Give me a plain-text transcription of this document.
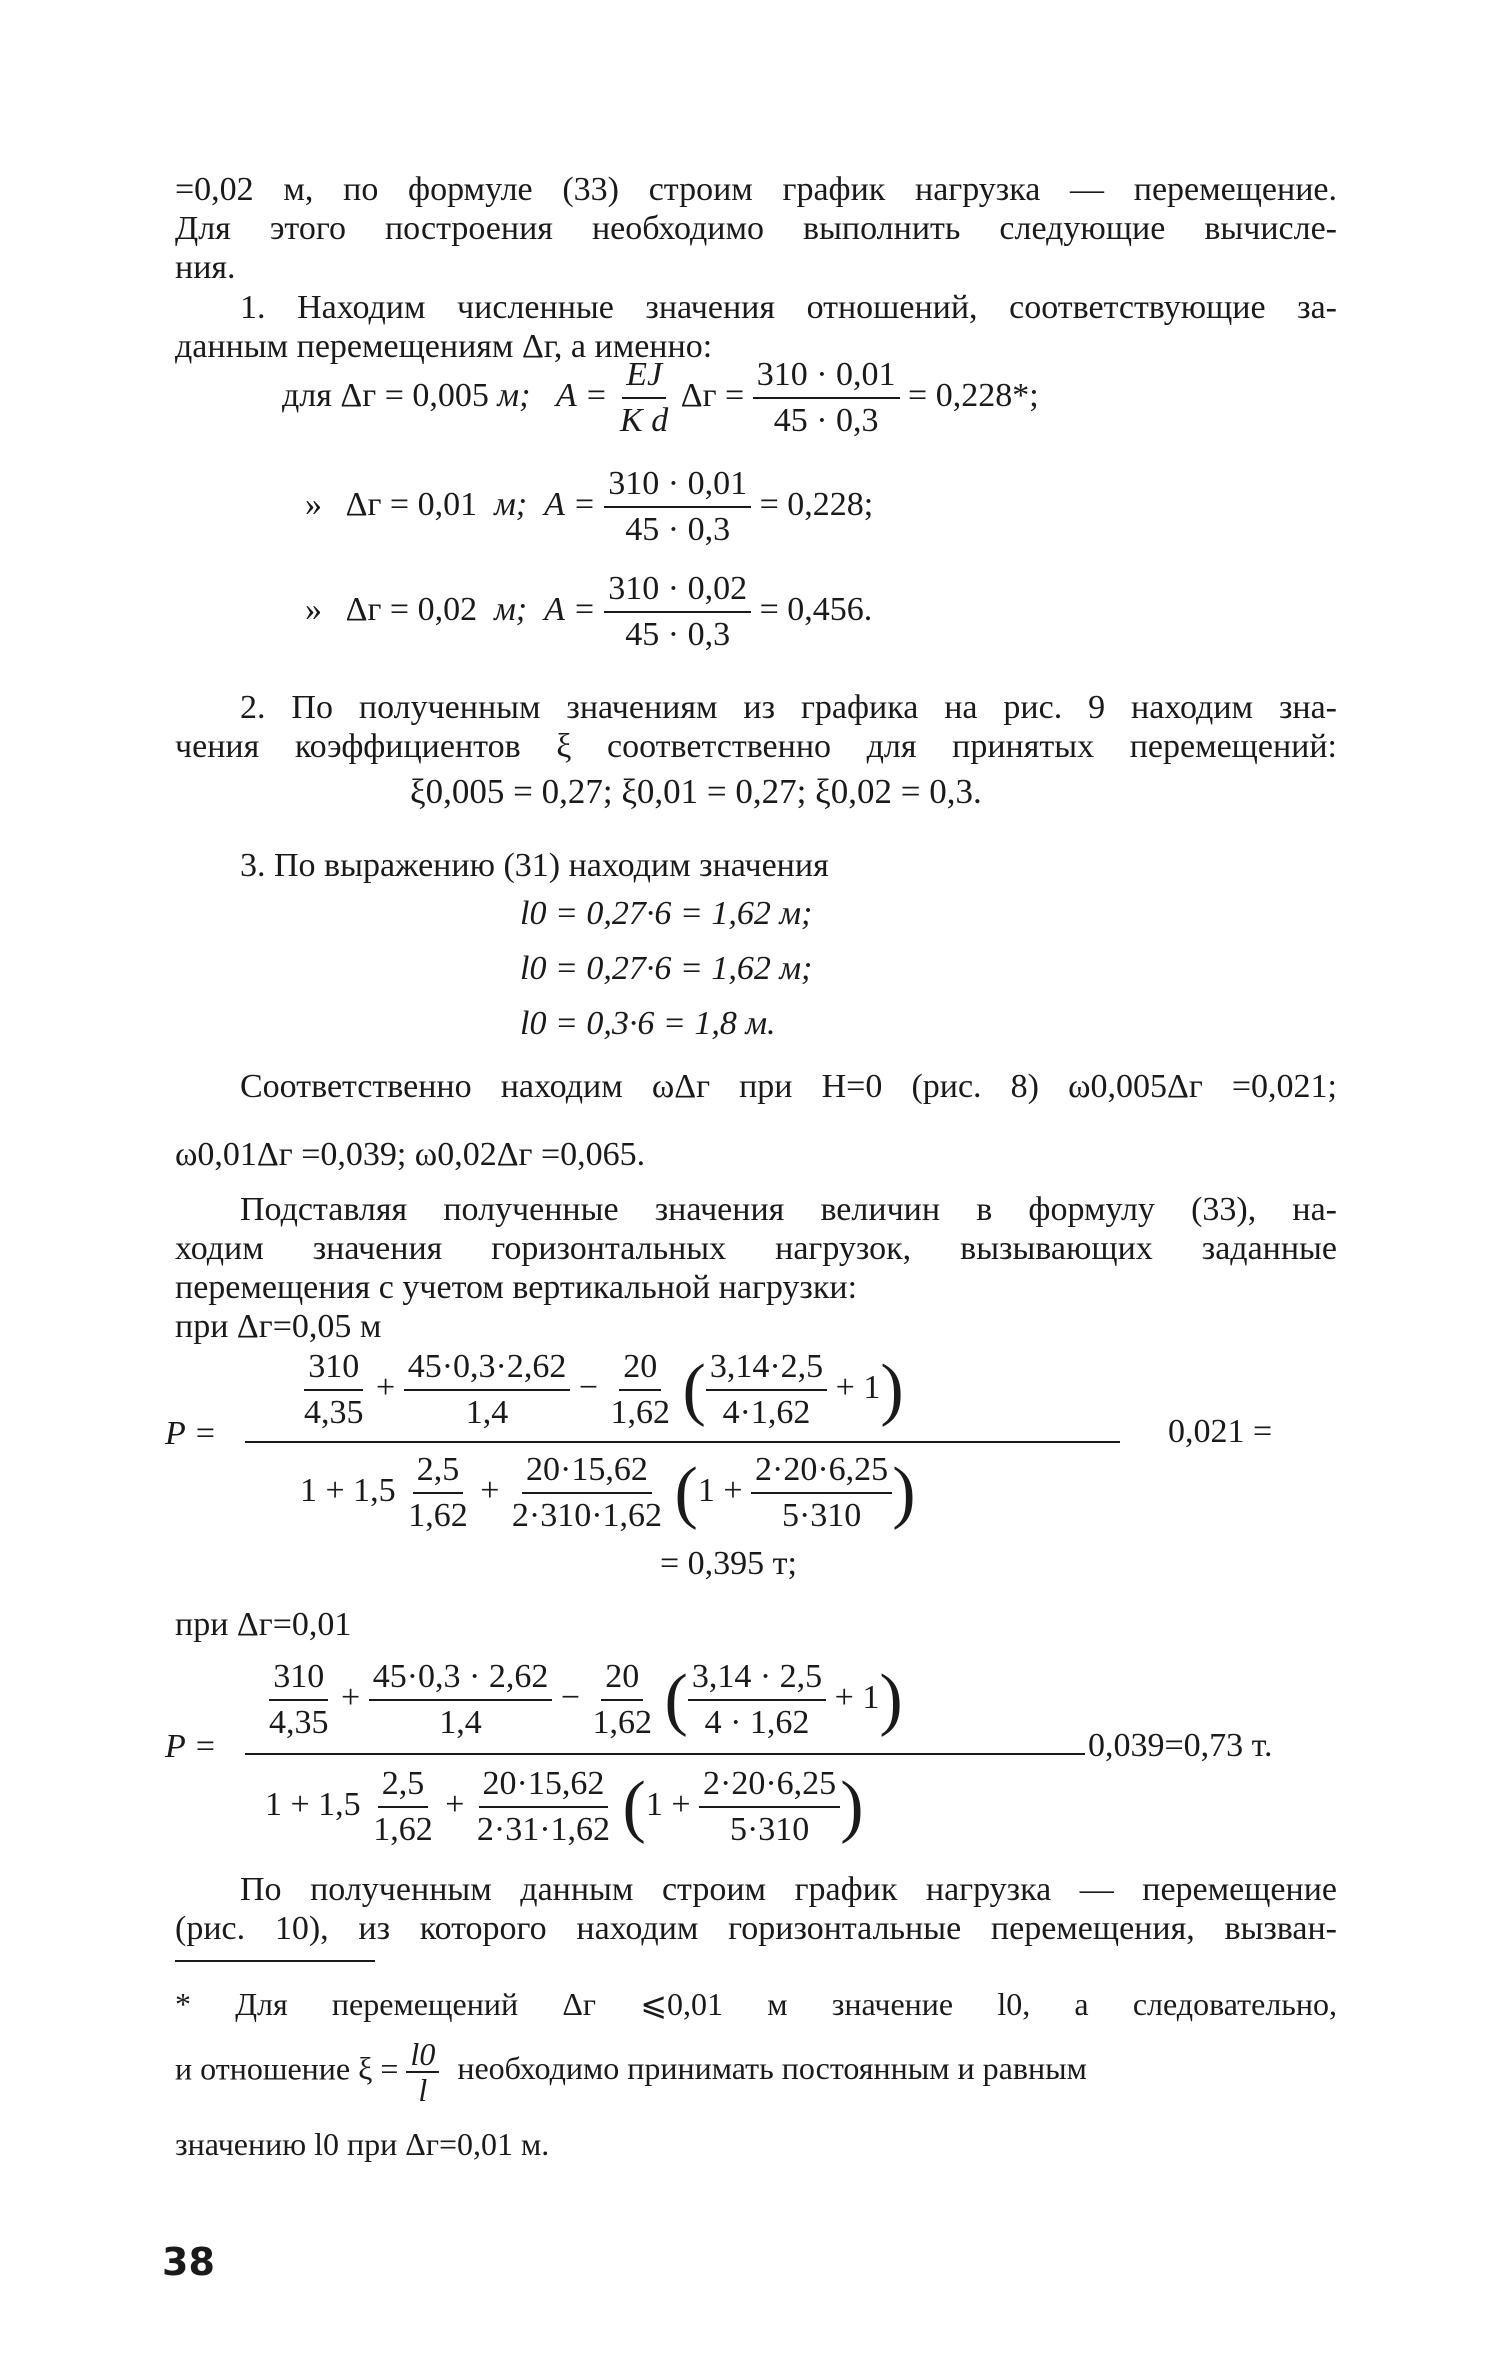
=0,02 м, по формуле (33) строим график нагрузка — перемещение.
Для этого построения необходимо выполнить следующие вычисле-
ния.
1. Находим численные значения отношений, соответствующие за-
данным перемещениям Δг, а именно:
для Δг = 0,005 м; $A = \frac{EJ}{\text{K d}}$ $\Delta г = \frac{310 \cdot 0,01}{45 \cdot 0,3} = 0,228*$;
» Δг = 0,01 м; $A = \frac{310 \cdot 0,01}{45 \cdot 0,3} = 0,228$;
» Δг = 0,02 м; $A = \frac{310 \cdot 0,02}{45 \cdot 0,3} = 0,456$.
2. По полученным значениям из графика на рис. 9 находим зна-
чения коэффициентов ξ соответственно для принятых перемещений:
ξ0,005 = 0,27; ξ0,01 = 0,27; ξ0,02 = 0,3.
3. По выражению (31) находим значения
l0 = 0,27·6 = 1,62 м;
l0 = 0,27·6 = 1,62 м;
l0 = 0,3·6 = 1,8 м.
Соответственно находим ωΔг при H=0 (рис. 8) ω0,005Δг =0,021;
ω0,01Δг =0,039; ω0,02Δг =0,065.
Подставляя полученные значения величин в формулу (33), на-
ходим значения горизонтальных нагрузок, вызывающих заданные
перемещения с учетом вертикальной нагрузки:
при Δг=0,05 м
P =	0,021 =
$\frac{310}{4,35} + \frac{45\cdot 0,3\cdot 2,62}{1,4} - \frac{20}{1,62}$ ( $\frac{3,14\cdot 2,5}{4\cdot 1,62} + 1$)
$1 + 1,5 \frac{2,5}{1,62} + \frac{20\cdot 15,62}{2\cdot 310\cdot 1,62} (1 + \frac{2\cdot 20\cdot 6,25}{5\cdot 310}$ )
= 0,395 т;
при Δг=0,01
P =	0,039=0,73 т.
$\frac{310}{4,35} + \frac{45\cdot 0,3 \cdot 2,62}{1,4} - \frac{20}{1,62}$ ( $\frac{3,14 \cdot 2,5}{4 \cdot 1,62} + 1$)
$1 + 1,5 \frac{2,5}{1,62} + \frac{20\cdot 15,62}{2\cdot 31\cdot 1,62} (1 + \frac{2\cdot 20\cdot 6,25}{5\cdot 310}$ )
По полученным данным строим график нагрузка — перемещение
(рис. 10), из которого находим горизонтальные перемещения, вызван-
* Для перемещений Δг ⩽0,01 м значение l0, а следовательно,
и отношение $\xi = \frac{l0}{l}$ необходимо принимать постоянным и равным
значению l0 при Δг=0,01 м.
38
